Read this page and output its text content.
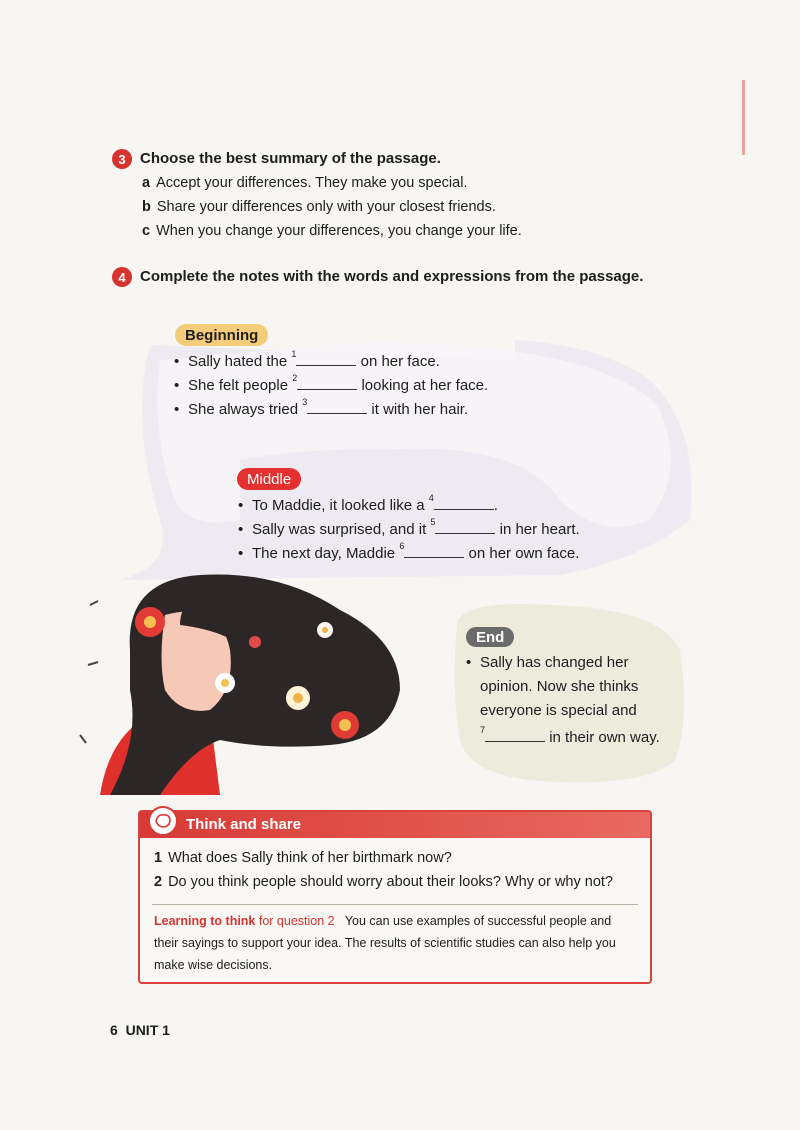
3 Choose the best summary of the passage.
a Accept your differences. They make you special.
b Share your differences only with your closest friends.
c When you change your differences, you change your life.
4 Complete the notes with the words and expressions from the passage.
Beginning
• Sally hated the $^1$	on her face.
• She felt people $^2$	looking at her face.
• She always tried $^3$	it with her hair.
Middle
• To Maddie, it looked like a $^4$	.
• Sally was surprised, and it $^5$	in her heart.
• The next day, Maddie $^6$	on her own face.
End
• Sally has changed her
opinion. Now she thinks
everyone is special and
$^7$	in their own way.
Think and share
1 What does Sally think of her birthmark now?
2 Do you think people should worry about their looks? Why or why not?
Learning to think for question 2 You can use examples of successful people and their sayings to support your idea. The results of scientific studies can also help you make wise decisions.
6 UNIT 1
